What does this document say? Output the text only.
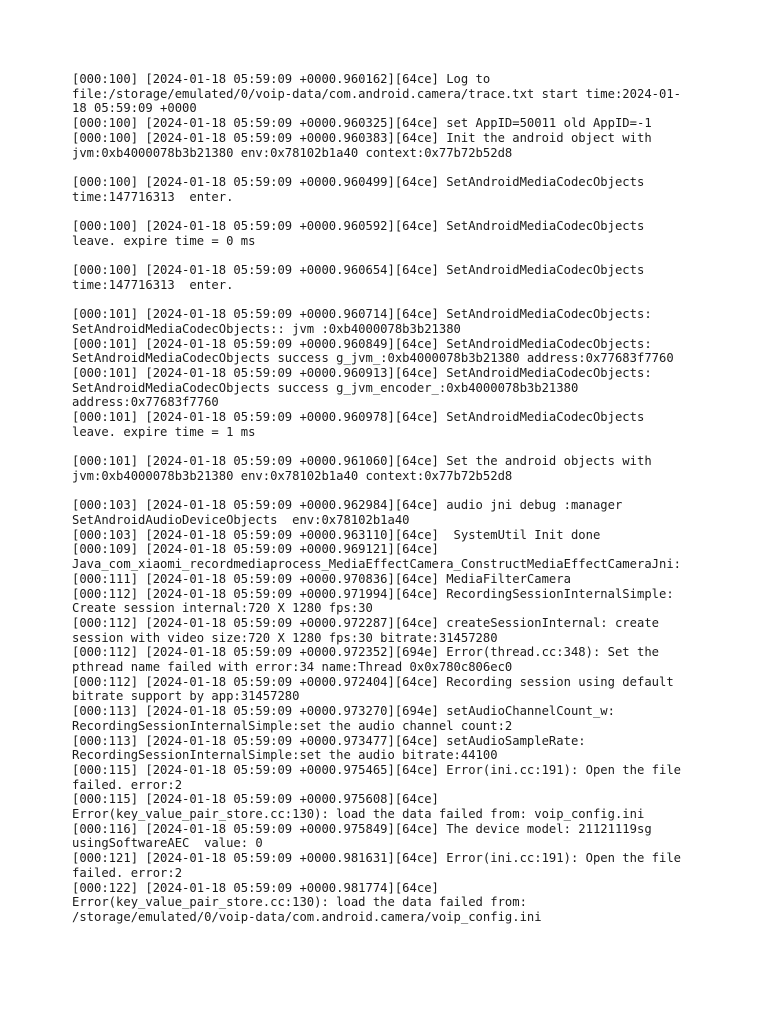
[000:100] [2024-01-18 05:59:09 +0000.960162][64ce] Log to
file:/storage/emulated/0/voip-data/com.android.camera/trace.txt start time:2024-01-
18 05:59:09 +0000

[000:100] [2024-01-18 05:59:09 +0000.960325][64ce] set AppID=50011 old AppID=-1

[000:100] [2024-01-18 05:59:09 +0000.960383][64ce] Init the android object with
jvm:0xb4000078b3b21380 env:0x78102b1a40 context:0x77b72b52d8

[000:100] [2024-01-18 05:59:09 +0000.960499][64ce] SetAndroidMediaCodecObjects
time:147716313  enter.

[000:100] [2024-01-18 05:59:09 +0000.960592][64ce] SetAndroidMediaCodecObjects
leave. expire time = 0 ms

[000:100] [2024-01-18 05:59:09 +0000.960654][64ce] SetAndroidMediaCodecObjects
time:147716313  enter.

[000:101] [2024-01-18 05:59:09 +0000.960714][64ce] SetAndroidMediaCodecObjects:
SetAndroidMediaCodecObjects:: jvm :0xb4000078b3b21380

[000:101] [2024-01-18 05:59:09 +0000.960849][64ce] SetAndroidMediaCodecObjects:
SetAndroidMediaCodecObjects success g_jvm_:0xb4000078b3b21380 address:0x77683f7760

[000:101] [2024-01-18 05:59:09 +0000.960913][64ce] SetAndroidMediaCodecObjects:
SetAndroidMediaCodecObjects success g_jvm_encoder_:0xb4000078b3b21380
address:0x77683f7760

[000:101] [2024-01-18 05:59:09 +0000.960978][64ce] SetAndroidMediaCodecObjects
leave. expire time = 1 ms

[000:101] [2024-01-18 05:59:09 +0000.961060][64ce] Set the android objects with
jvm:0xb4000078b3b21380 env:0x78102b1a40 context:0x77b72b52d8

[000:103] [2024-01-18 05:59:09 +0000.962984][64ce] audio jni debug :manager
SetAndroidAudioDeviceObjects  env:0x78102b1a40

[000:103] [2024-01-18 05:59:09 +0000.963110][64ce]  SystemUtil Init done

[000:109] [2024-01-18 05:59:09 +0000.969121][64ce]
Java_com_xiaomi_recordmediaprocess_MediaEffectCamera_ConstructMediaEffectCameraJni:

[000:111] [2024-01-18 05:59:09 +0000.970836][64ce] MediaFilterCamera

[000:112] [2024-01-18 05:59:09 +0000.971994][64ce] RecordingSessionInternalSimple:
Create session internal:720 X 1280 fps:30

[000:112] [2024-01-18 05:59:09 +0000.972287][64ce] createSessionInternal: create
session with video size:720 X 1280 fps:30 bitrate:31457280

[000:112] [2024-01-18 05:59:09 +0000.972352][694e] Error(thread.cc:348): Set the
pthread name failed with error:34 name:Thread 0x0x780c806ec0

[000:112] [2024-01-18 05:59:09 +0000.972404][64ce] Recording session using default
bitrate support by app:31457280

[000:113] [2024-01-18 05:59:09 +0000.973270][694e] setAudioChannelCount_w:
RecordingSessionInternalSimple:set the audio channel count:2

[000:113] [2024-01-18 05:59:09 +0000.973477][64ce] setAudioSampleRate:
RecordingSessionInternalSimple:set the audio bitrate:44100

[000:115] [2024-01-18 05:59:09 +0000.975465][64ce] Error(ini.cc:191): Open the file
failed. error:2

[000:115] [2024-01-18 05:59:09 +0000.975608][64ce]
Error(key_value_pair_store.cc:130): load the data failed from: voip_config.ini

[000:116] [2024-01-18 05:59:09 +0000.975849][64ce] The device model: 21121119sg
usingSoftwareAEC  value: 0

[000:121] [2024-01-18 05:59:09 +0000.981631][64ce] Error(ini.cc:191): Open the file
failed. error:2

[000:122] [2024-01-18 05:59:09 +0000.981774][64ce]
Error(key_value_pair_store.cc:130): load the data failed from:
/storage/emulated/0/voip-data/com.android.camera/voip_config.ini
